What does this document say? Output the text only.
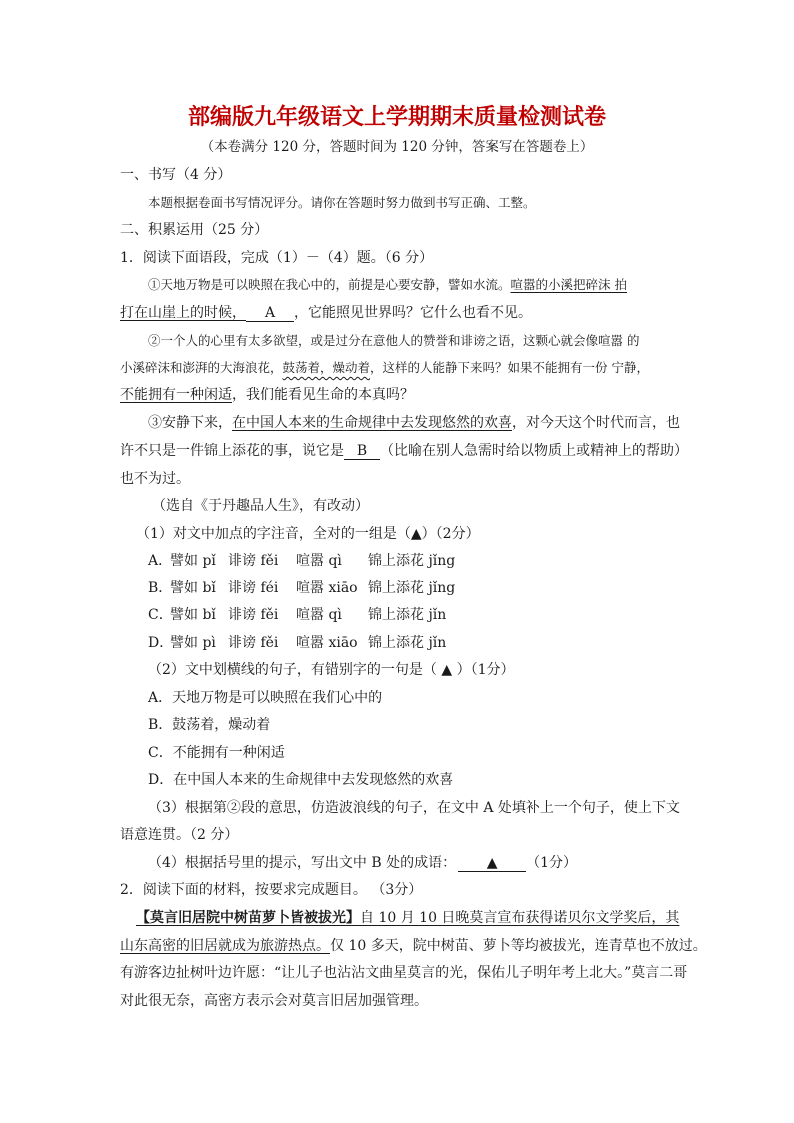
部编版九年级语文上学期期末质量检测试卷
（本卷满分 120 分，答题时间为 120 分钟，答案写在答题卷上）
一、书写（4 分）
本题根据卷面书写情况评分。请你在答题时努力做到书写正确、工整。
二、积累运用（25 分）
1．阅读下面语段，完成（1）－（4）题。（6 分）
①天地万物是可以映照在我心中的，前提是心要安静，譬如水流。喧嚣的小溪把碎沫 拍
打在山崖上的时候， A ，它能照见世界吗？它什么也看不见。
②一个人的心里有太多欲望，或是过分在意他人的赞誉和诽谤之语，这颗心就会像喧嚣 的
小溪碎沫和澎湃的大海浪花，鼓荡着，燥动着，这样的人能静下来吗？如果不能拥有一份 宁静，
不能拥有一种闲适，我们能看见生命的本真吗？
③安静下来，在中国人本来的生命规律中去发现悠然的欢喜，对今天这个时代而言，也
许不只是一件锦上添花的事，说它是 B （比喻在别人急需时给以物质上或精神上的帮助）
也不为过。
（选自《于丹趣品人生》，有改动）
（1）对文中加点的字注音，全对的一组是（▲）（2分）
A．譬如 pǐ 诽谤 fěi 喧嚣 qì 锦上添花 jǐng
B．譬如 bǐ 诽谤 féi 喧嚣 xiāo 锦上添花 jǐng
C．譬如 bǐ 诽谤 fěi 喧嚣 qì 锦上添花 jǐn
D．譬如 pì 诽谤 fěi 喧嚣 xiāo 锦上添花 jǐn
（2）文中划横线的句子，有错别字的一句是（ ▲ ）（1分）
A．天地万物是可以映照在我们心中的
B．鼓荡着，燥动着
C．不能拥有一种闲适
D．在中国人本来的生命规律中去发现悠然的欢喜
（3）根据第②段的意思，仿造波浪线的句子，在文中 A 处填补上一个句子，使上下文
语意连贯。（2 分）
（4）根据括号里的提示，写出文中 B 处的成语： ▲ （1分）
2．阅读下面的材料，按要求完成题目。 （3分）
【莫言旧居院中树苗萝卜皆被拔光】自 10 月 10 日晚莫言宣布获得诺贝尔文学奖后，其
山东高密的旧居就成为旅游热点。仅 10 多天，院中树苗、萝卜等均被拔光，连青草也不放过。
有游客边扯树叶边许愿：“让儿子也沾沾文曲星莫言的光，保佑儿子明年考上北大。”莫言二哥
对此很无奈，高密方表示会对莫言旧居加强管理。
